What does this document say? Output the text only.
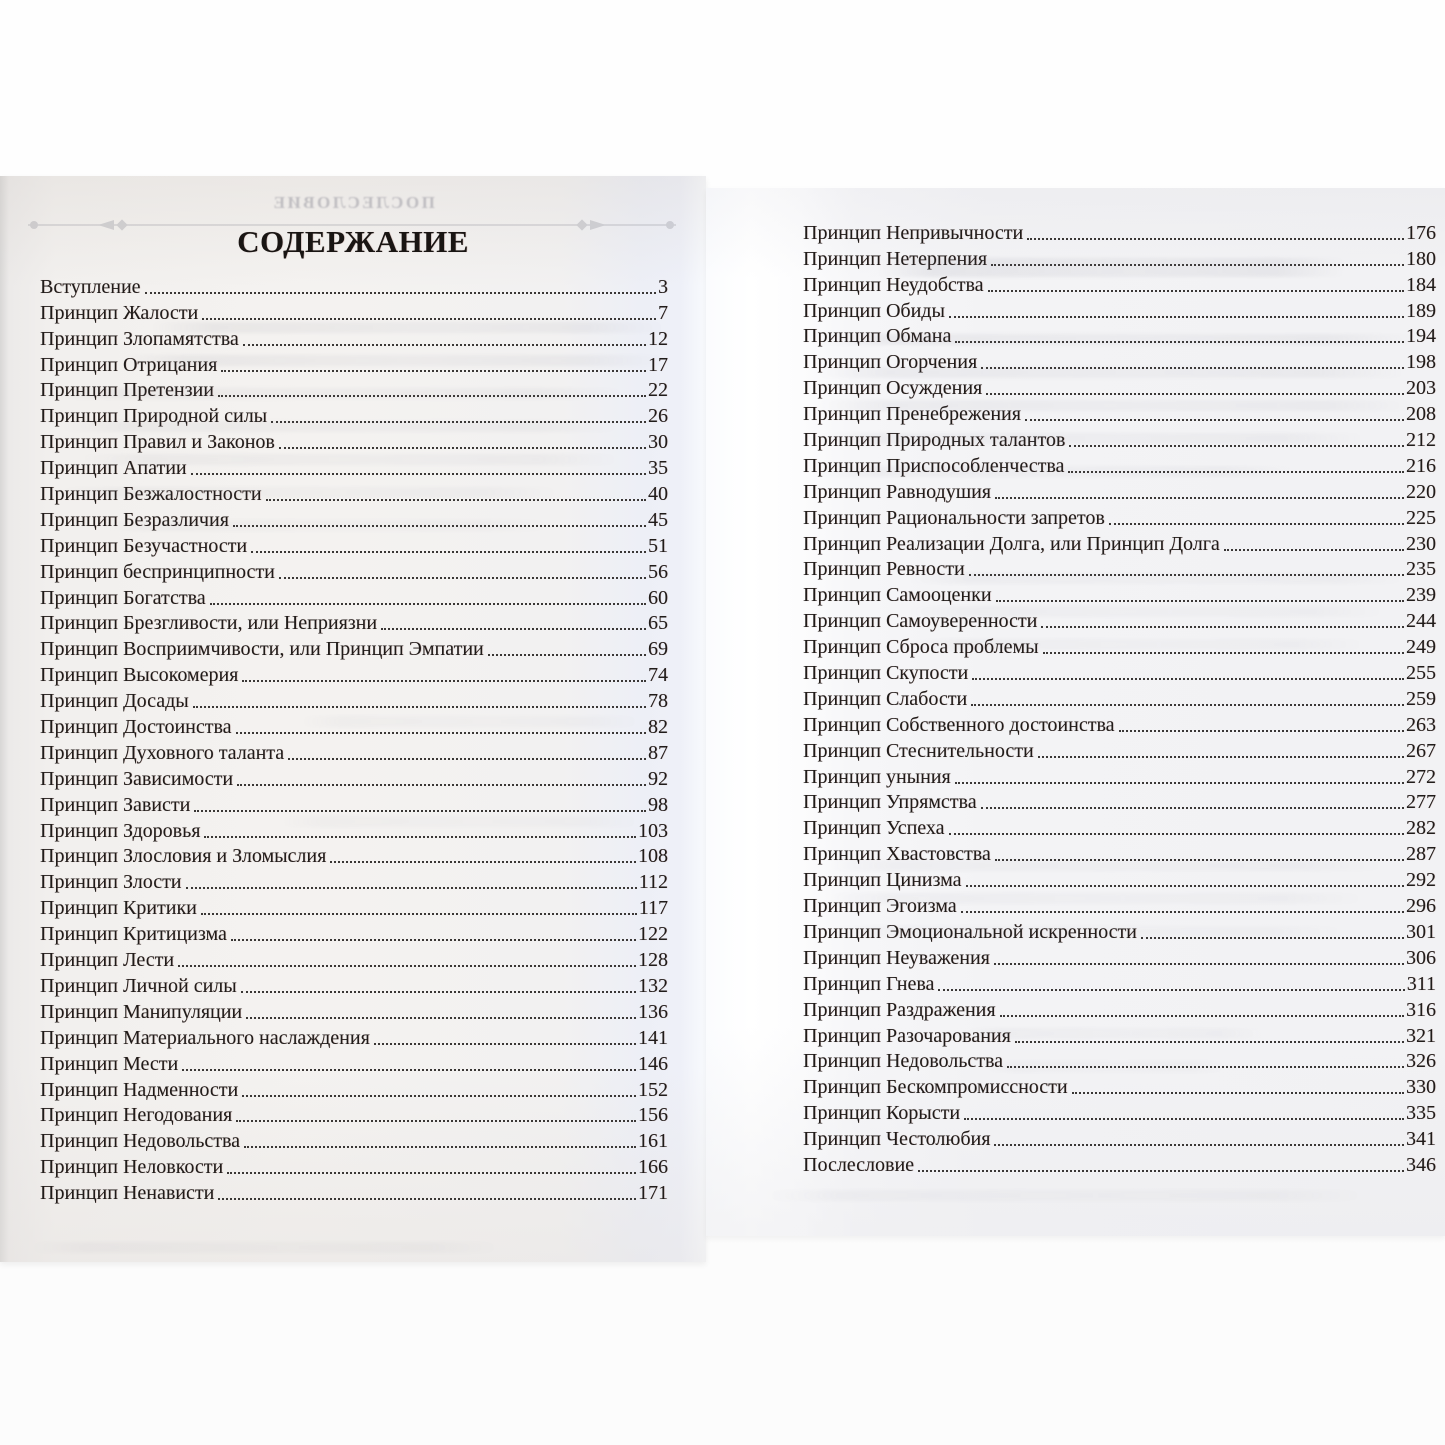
ПОСЛЕСЛОВИЕ
СОДЕРЖАНИЕ
Вступление	3
Принцип Жалости	7
Принцип Злопамятства	12
Принцип Отрицания	17
Принцип Претензии	22
Принцип Природной силы	26
Принцип Правил и Законов	30
Принцип Апатии	35
Принцип Безжалостности	40
Принцип Безразличия	45
Принцип Безучастности	51
Принцип беспринципности	56
Принцип Богатства	60
Принцип Брезгливости, или Неприязни	65
Принцип Восприимчивости, или Принцип Эмпатии	69
Принцип Высокомерия	74
Принцип Досады	78
Принцип Достоинства	82
Принцип Духовного таланта	87
Принцип Зависимости	92
Принцип Зависти	98
Принцип Здоровья	103
Принцип Злословия и Зломыслия	108
Принцип Злости	112
Принцип Критики	117
Принцип Критицизма	122
Принцип Лести	128
Принцип Личной силы	132
Принцип Манипуляции	136
Принцип Материального наслаждения	141
Принцип Мести	146
Принцип Надменности	152
Принцип Негодования	156
Принцип Недовольства	161
Принцип Неловкости	166
Принцип Ненависти	171
Принцип Непривычности	176
Принцип Нетерпения	180
Принцип Неудобства	184
Принцип Обиды	189
Принцип Обмана	194
Принцип Огорчения	198
Принцип Осуждения	203
Принцип Пренебрежения	208
Принцип Природных талантов	212
Принцип Приспособленчества	216
Принцип Равнодушия	220
Принцип Рациональности запретов	225
Принцип Реализации Долга, или Принцип Долга	230
Принцип Ревности	235
Принцип Самооценки	239
Принцип Самоуверенности	244
Принцип Сброса проблемы	249
Принцип Скупости	255
Принцип Слабости	259
Принцип Собственного достоинства	263
Принцип Стеснительности	267
Принцип уныния	272
Принцип Упрямства	277
Принцип Успеха	282
Принцип Хвастовства	287
Принцип Цинизма	292
Принцип Эгоизма	296
Принцип Эмоциональной искренности	301
Принцип Неуважения	306
Принцип Гнева	311
Принцип Раздражения	316
Принцип Разочарования	321
Принцип Недовольства	326
Принцип Бескомпромиссности	330
Принцип Корысти	335
Принцип Честолюбия	341
Послесловие	346
